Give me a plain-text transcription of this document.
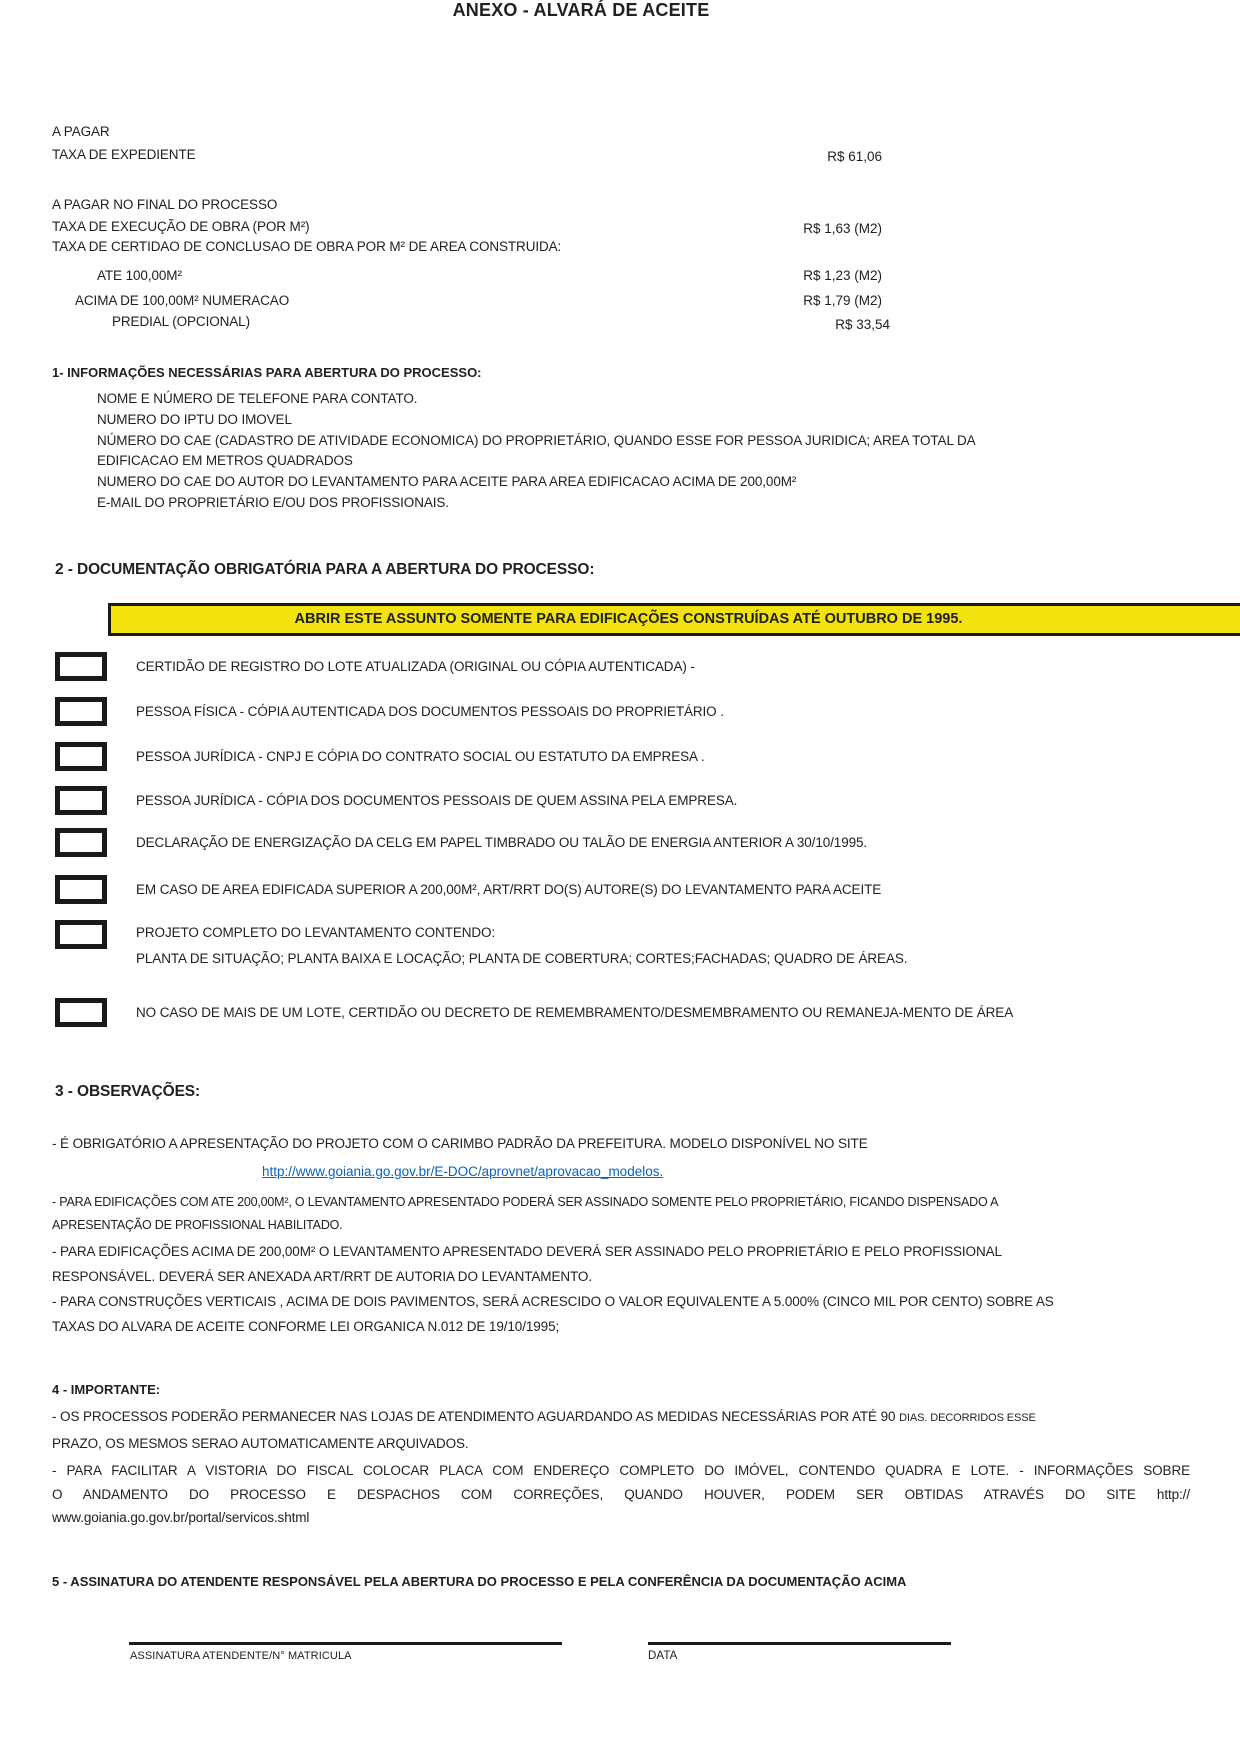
ANEXO - ALVARÁ DE ACEITE
A PAGAR
TAXA DE EXPEDIENTE	R$ 61,06
A PAGAR NO FINAL DO PROCESSO
TAXA DE EXECUÇÃO DE OBRA (POR M²)	R$ 1,63 (M2)
TAXA DE CERTIDAO DE CONCLUSAO DE OBRA POR M² DE AREA CONSTRUIDA:
ATE 100,00M²	R$ 1,23 (M2)
ACIMA DE 100,00M² NUMERACAO	R$ 1,79 (M2)
PREDIAL (OPCIONAL)	R$ 33,54
1- INFORMAÇÕES NECESSÁRIAS PARA ABERTURA DO PROCESSO:
NOME E NÚMERO DE TELEFONE PARA CONTATO.
NUMERO DO IPTU DO IMOVEL
NÚMERO DO CAE (CADASTRO DE ATIVIDADE ECONOMICA) DO PROPRIETÁRIO, QUANDO ESSE FOR PESSOA JURIDICA; AREA TOTAL DA
EDIFICACAO EM METROS QUADRADOS
NUMERO DO CAE DO AUTOR DO LEVANTAMENTO PARA ACEITE PARA AREA EDIFICACAO ACIMA DE 200,00M²
E-MAIL DO PROPRIETÁRIO E/OU DOS PROFISSIONAIS.
2 - DOCUMENTAÇÃO OBRIGATÓRIA PARA A ABERTURA DO PROCESSO:
ABRIR ESTE ASSUNTO SOMENTE PARA EDIFICAÇÕES CONSTRUÍDAS ATÉ OUTUBRO DE 1995.
CERTIDÃO DE REGISTRO DO LOTE ATUALIZADA (ORIGINAL OU CÓPIA AUTENTICADA) -
PESSOA FÍSICA - CÓPIA AUTENTICADA DOS DOCUMENTOS PESSOAIS DO PROPRIETÁRIO .
PESSOA JURÍDICA - CNPJ E CÓPIA DO CONTRATO SOCIAL OU ESTATUTO DA EMPRESA .
PESSOA JURÍDICA - CÓPIA DOS DOCUMENTOS PESSOAIS DE QUEM ASSINA PELA EMPRESA.
DECLARAÇÃO DE ENERGIZAÇÃO DA CELG EM PAPEL TIMBRADO OU TALÃO DE ENERGIA ANTERIOR A 30/10/1995.
EM CASO DE AREA EDIFICADA SUPERIOR A 200,00M², ART/RRT DO(S) AUTORE(S) DO LEVANTAMENTO PARA ACEITE
PROJETO COMPLETO DO LEVANTAMENTO CONTENDO:
PLANTA DE SITUAÇÃO; PLANTA BAIXA E LOCAÇÃO; PLANTA DE COBERTURA; CORTES;FACHADAS; QUADRO DE ÁREAS.
NO CASO DE MAIS DE UM LOTE, CERTIDÃO OU DECRETO DE REMEMBRAMENTO/DESMEMBRAMENTO OU REMANEJA-MENTO DE ÁREA
3 - OBSERVAÇÕES:
- É OBRIGATÓRIO A APRESENTAÇÃO DO PROJETO COM O CARIMBO PADRÃO DA PREFEITURA. MODELO DISPONÍVEL NO SITE
http://www.goiania.go.gov.br/E-DOC/aprovnet/aprovacao_modelos.
- PARA EDIFICAÇÕES COM ATE 200,00M², O LEVANTAMENTO APRESENTADO PODERÁ SER ASSINADO SOMENTE PELO PROPRIETÁRIO, FICANDO DISPENSADO A
APRESENTAÇÃO DE PROFISSIONAL HABILITADO.
- PARA EDIFICAÇÕES ACIMA DE 200,00M² O LEVANTAMENTO APRESENTADO DEVERÁ SER ASSINADO PELO PROPRIETÁRIO E PELO PROFISSIONAL
RESPONSÁVEL. DEVERÁ SER ANEXADA ART/RRT DE AUTORIA DO LEVANTAMENTO.
- PARA CONSTRUÇÕES VERTICAIS , ACIMA DE DOIS PAVIMENTOS, SERÁ ACRESCIDO O VALOR EQUIVALENTE A 5.000% (CINCO MIL POR CENTO) SOBRE AS
TAXAS DO ALVARA DE ACEITE CONFORME LEI ORGANICA N.012 DE 19/10/1995;
4 - IMPORTANTE:
- OS PROCESSOS PODERÃO PERMANECER NAS LOJAS DE ATENDIMENTO AGUARDANDO AS MEDIDAS NECESSÁRIAS POR ATÉ 90 DIAS. DECORRIDOS ESSE
PRAZO, OS MESMOS SERAO AUTOMATICAMENTE ARQUIVADOS.
- PARA FACILITAR A VISTORIA DO FISCAL COLOCAR PLACA COM ENDEREÇO COMPLETO DO IMÓVEL, CONTENDO QUADRA E LOTE. - INFORMAÇÕES SOBRE
O ANDAMENTO DO PROCESSO E DESPACHOS COM CORREÇÕES, QUANDO HOUVER, PODEM SER OBTIDAS ATRAVÉS DO SITE http://
www.goiania.go.gov.br/portal/servicos.shtml
5 - ASSINATURA DO ATENDENTE RESPONSÁVEL PELA ABERTURA DO PROCESSO E PELA CONFERÊNCIA DA DOCUMENTAÇÃO ACIMA
ASSINATURA ATENDENTE/N° MATRICULA	DATA
